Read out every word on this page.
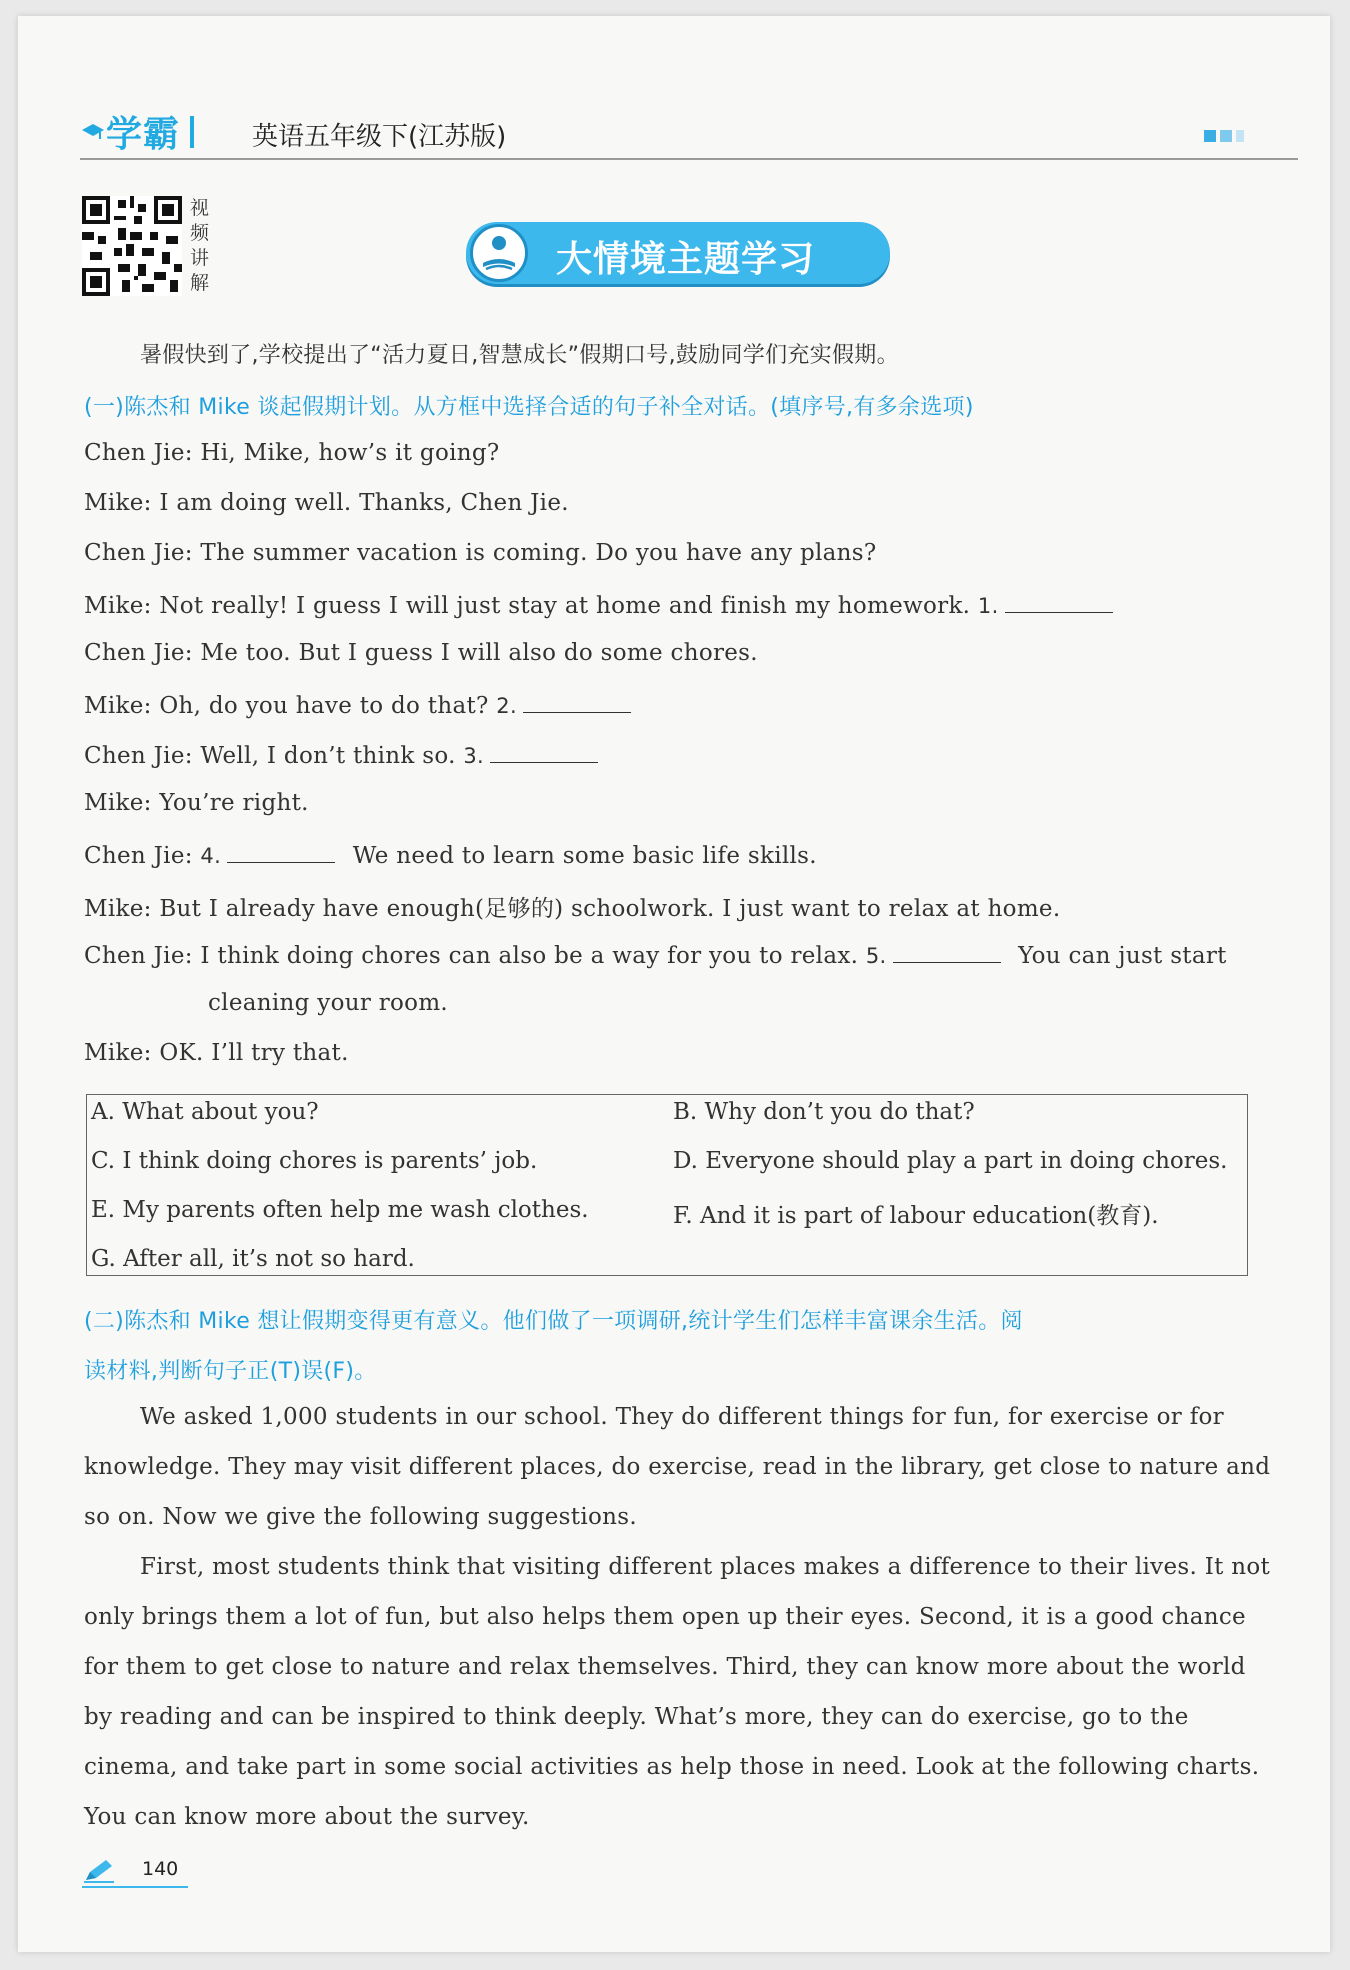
学霸	英语五年级下(江苏版)
视
频
讲
解
大情境主题学习
暑假快到了,学校提出了“活力夏日,智慧成长”假期口号,鼓励同学们充实假期。
(一)陈杰和 Mike 谈起假期计划。从方框中选择合适的句子补全对话。(填序号,有多余选项)
Chen Jie: Hi, Mike, how’s it going?
Mike: I am doing well. Thanks, Chen Jie.
Chen Jie: The summer vacation is coming. Do you have any plans?
Mike: Not really! I guess I will just stay at home and finish my homework. 1.
Chen Jie: Me too. But I guess I will also do some chores.
Mike: Oh, do you have to do that? 2.
Chen Jie: Well, I don’t think so. 3.
Mike: You’re right.
Chen Jie: 4.	We need to learn some basic life skills.
Mike: But I already have enough(足够的) schoolwork. I just want to relax at home.
Chen Jie: I think doing chores can also be a way for you to relax. 5.	You can just start
cleaning your room.
Mike: OK. I’ll try that.
A. What about you?	B. Why don’t you do that?
C. I think doing chores is parents’ job.	D. Everyone should play a part in doing chores.
E. My parents often help me wash clothes.	F. And it is part of labour education(教育).
G. After all, it’s not so hard.
(二)陈杰和 Mike 想让假期变得更有意义。他们做了一项调研,统计学生们怎样丰富课余生活。阅
读材料,判断句子正(T)误(F)。
We asked 1,000 students in our school. They do different things for fun, for exercise or for
knowledge. They may visit different places, do exercise, read in the library, get close to nature and
so on. Now we give the following suggestions.
First, most students think that visiting different places makes a difference to their lives. It not
only brings them a lot of fun, but also helps them open up their eyes. Second, it is a good chance
for them to get close to nature and relax themselves. Third, they can know more about the world
by reading and can be inspired to think deeply. What’s more, they can do exercise, go to the
cinema, and take part in some social activities as help those in need. Look at the following charts.
You can know more about the survey.
140
